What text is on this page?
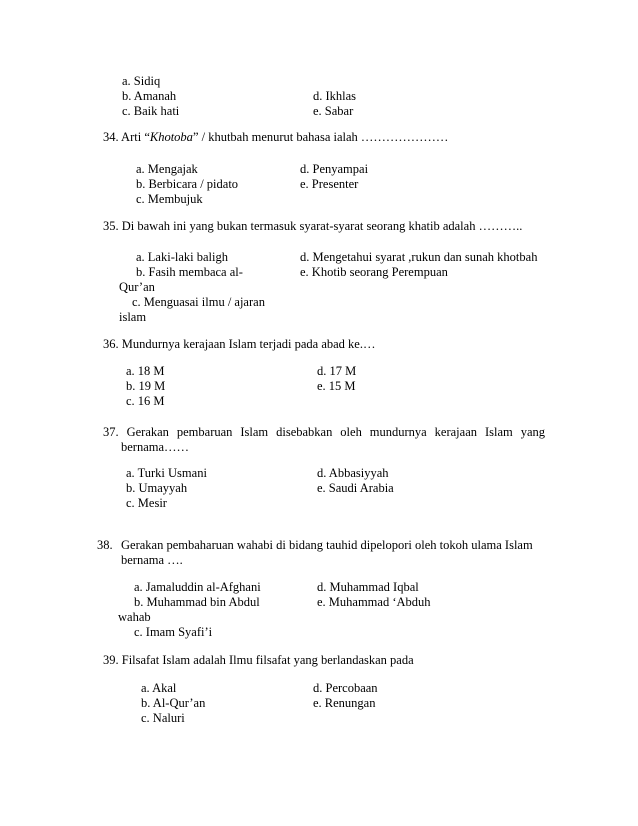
a. Sidiq
b. Amanah
c. Baik hati
d. Ikhlas
e. Sabar
34. Arti “Khotoba” / khutbah menurut bahasa ialah …………………
a. Mengajak
b. Berbicara / pidato
c. Membujuk
d. Penyampai
e. Presenter
35. Di bawah ini yang bukan termasuk syarat-syarat seorang khatib adalah ………..
a. Laki-laki baligh
b. Fasih membaca al-
Qur’an
c. Menguasai ilmu / ajaran
islam
d. Mengetahui syarat ,rukun dan sunah khotbah
e. Khotib seorang Perempuan
36. Mundurnya kerajaan Islam terjadi pada abad ke.…
a. 18 M
b. 19 M
c. 16 M
d. 17 M
e. 15 M
37. Gerakan pembaruan Islam disebabkan oleh mundurnya kerajaan Islam yang
bernama……
a. Turki Usmani
b. Umayyah
c. Mesir
d. Abbasiyyah
e. Saudi Arabia
38. Gerakan pembaharuan wahabi di bidang tauhid dipelopori oleh tokoh ulama Islam
bernama ….
a. Jamaluddin al-Afghani
b. Muhammad bin Abdul
wahab
c. Imam Syafi’i
d. Muhammad Iqbal
e. Muhammad ‘Abduh
39. Filsafat Islam adalah Ilmu filsafat yang berlandaskan pada
a. Akal
b. Al-Qur’an
c. Naluri
d. Percobaan
e. Renungan
